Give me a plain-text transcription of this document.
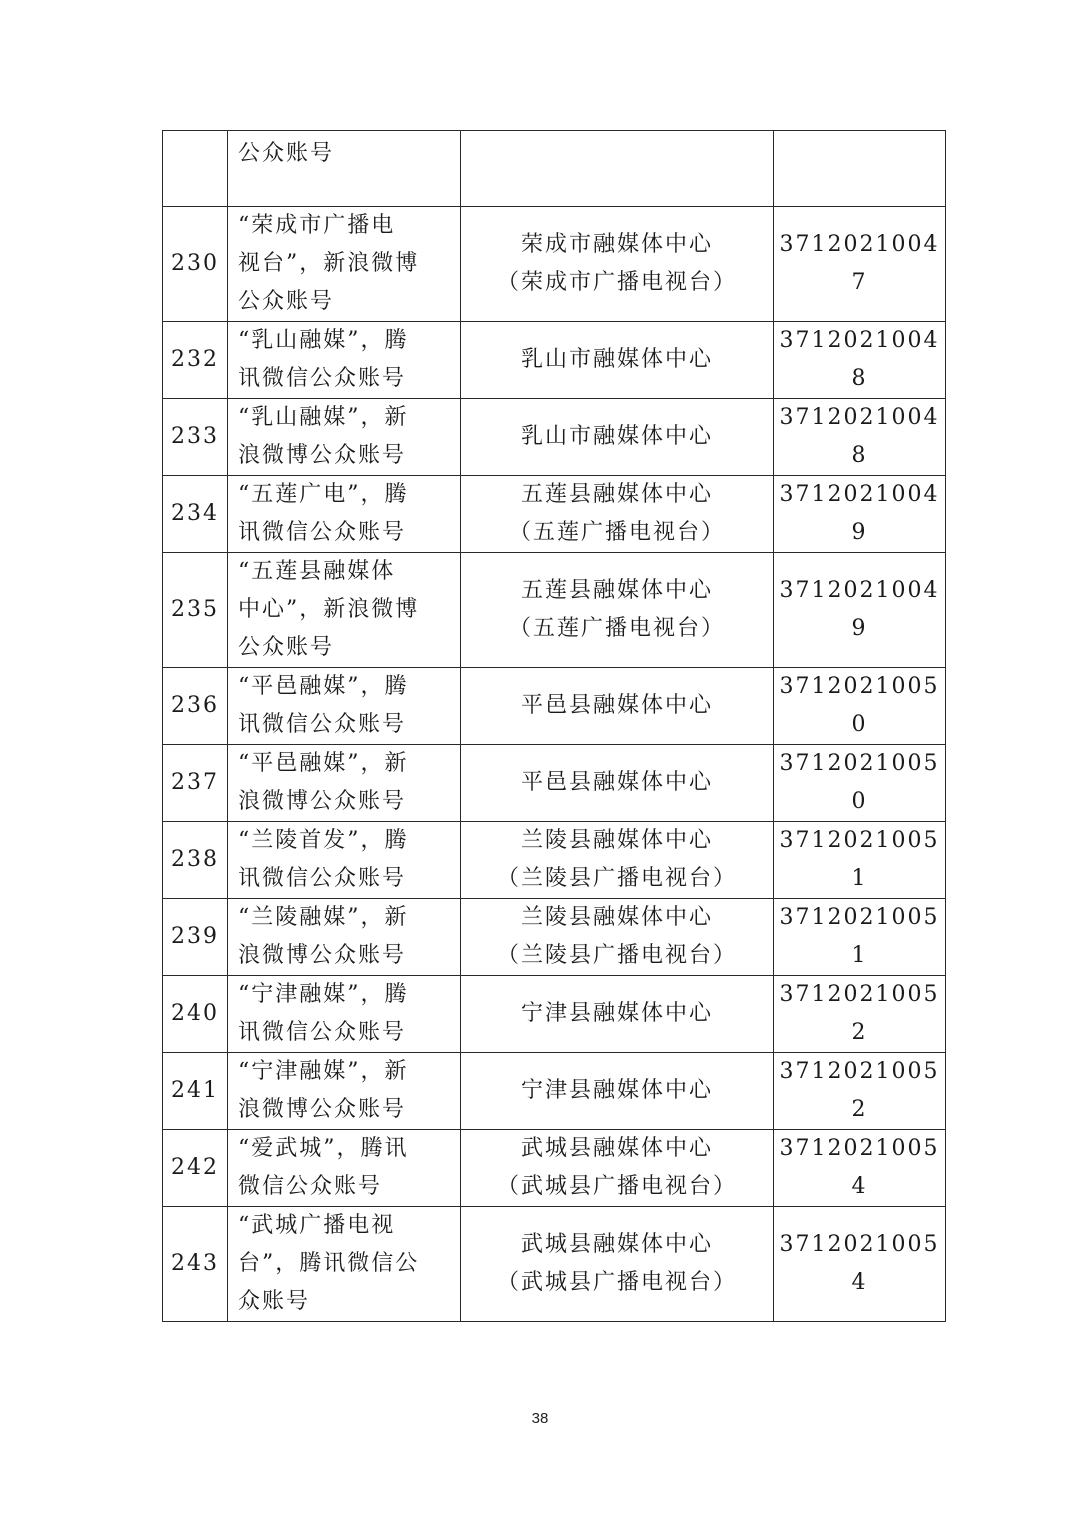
	公众账号		

230	“荣成市广播电
视台”，新浪微博
公众账号	荣成市融媒体中心
（荣成市广播电视台）	37120210047
232	“乳山融媒”，腾
讯微信公众账号	乳山市融媒体中心	37120210048
233	“乳山融媒”，新
浪微博公众账号	乳山市融媒体中心	37120210048
234	“五莲广电”，腾
讯微信公众账号	五莲县融媒体中心
（五莲广播电视台）	37120210049
235	“五莲县融媒体
中心”，新浪微博
公众账号	五莲县融媒体中心
（五莲广播电视台）	37120210049
236	“平邑融媒”，腾
讯微信公众账号	平邑县融媒体中心	37120210050
237	“平邑融媒”，新
浪微博公众账号	平邑县融媒体中心	37120210050
238	“兰陵首发”，腾
讯微信公众账号	兰陵县融媒体中心
（兰陵县广播电视台）	37120210051
239	“兰陵融媒”，新
浪微博公众账号	兰陵县融媒体中心
（兰陵县广播电视台）	37120210051
240	“宁津融媒”，腾
讯微信公众账号	宁津县融媒体中心	37120210052
241	“宁津融媒”，新
浪微博公众账号	宁津县融媒体中心	37120210052
242	“爱武城”，腾讯
微信公众账号	武城县融媒体中心
（武城县广播电视台）	37120210054
243	“武城广播电视
台”，腾讯微信公
众账号	武城县融媒体中心
（武城县广播电视台）	37120210054
38
